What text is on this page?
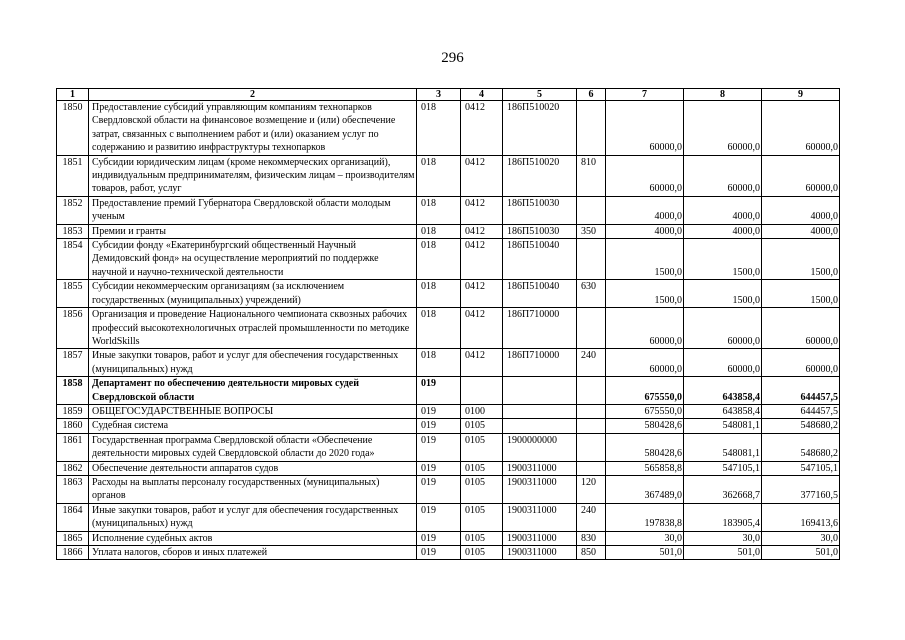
296
1	2	3	4	5	6	7	8	9
1850	Предоставление субсидий управляющим компаниям технопарков Свердловской области на финансовое возмещение и (или) обеспечение затрат, связанных с выполнением работ и (или) оказанием услуг по содержанию и развитию инфраструктуры технопарков	018	0412	186П510020		60000,0	60000,0	60000,0
1851	Субсидии юридическим лицам (кроме некоммерческих организаций), индивидуальным предпринимателям, физическим лицам – производителям товаров, работ, услуг	018	0412	186П510020	810	60000,0	60000,0	60000,0
1852	Предоставление премий Губернатора Свердловской области молодым ученым	018	0412	186П510030		4000,0	4000,0	4000,0
1853	Премии и гранты	018	0412	186П510030	350	4000,0	4000,0	4000,0
1854	Субсидии фонду «Екатеринбургский общественный Научный Демидовский фонд» на осуществление мероприятий по поддержке научной и научно-технической деятельности	018	0412	186П510040		1500,0	1500,0	1500,0
1855	Субсидии некоммерческим организациям (за исключением государственных (муниципальных) учреждений)	018	0412	186П510040	630	1500,0	1500,0	1500,0
1856	Организация и проведение Национального чемпионата сквозных рабочих профессий высокотехнологичных отраслей промышленности по методике WorldSkills	018	0412	186П710000		60000,0	60000,0	60000,0
1857	Иные закупки товаров, работ и услуг для обеспечения государственных (муниципальных) нужд	018	0412	186П710000	240	60000,0	60000,0	60000,0
1858	Департамент по обеспечению деятельности мировых судей Свердловской области	019				675550,0	643858,4	644457,5
1859	ОБЩЕГОСУДАРСТВЕННЫЕ ВОПРОСЫ	019	0100			675550,0	643858,4	644457,5
1860	Судебная система	019	0105			580428,6	548081,1	548680,2
1861	Государственная программа Свердловской области «Обеспечение деятельности мировых судей Свердловской области до 2020 года»	019	0105	1900000000		580428,6	548081,1	548680,2
1862	Обеспечение деятельности аппаратов судов	019	0105	1900311000		565858,8	547105,1	547105,1
1863	Расходы на выплаты персоналу государственных (муниципальных) органов	019	0105	1900311000	120	367489,0	362668,7	377160,5
1864	Иные закупки товаров, работ и услуг для обеспечения государственных (муниципальных) нужд	019	0105	1900311000	240	197838,8	183905,4	169413,6
1865	Исполнение судебных актов	019	0105	1900311000	830	30,0	30,0	30,0
1866	Уплата налогов, сборов и иных платежей	019	0105	1900311000	850	501,0	501,0	501,0
